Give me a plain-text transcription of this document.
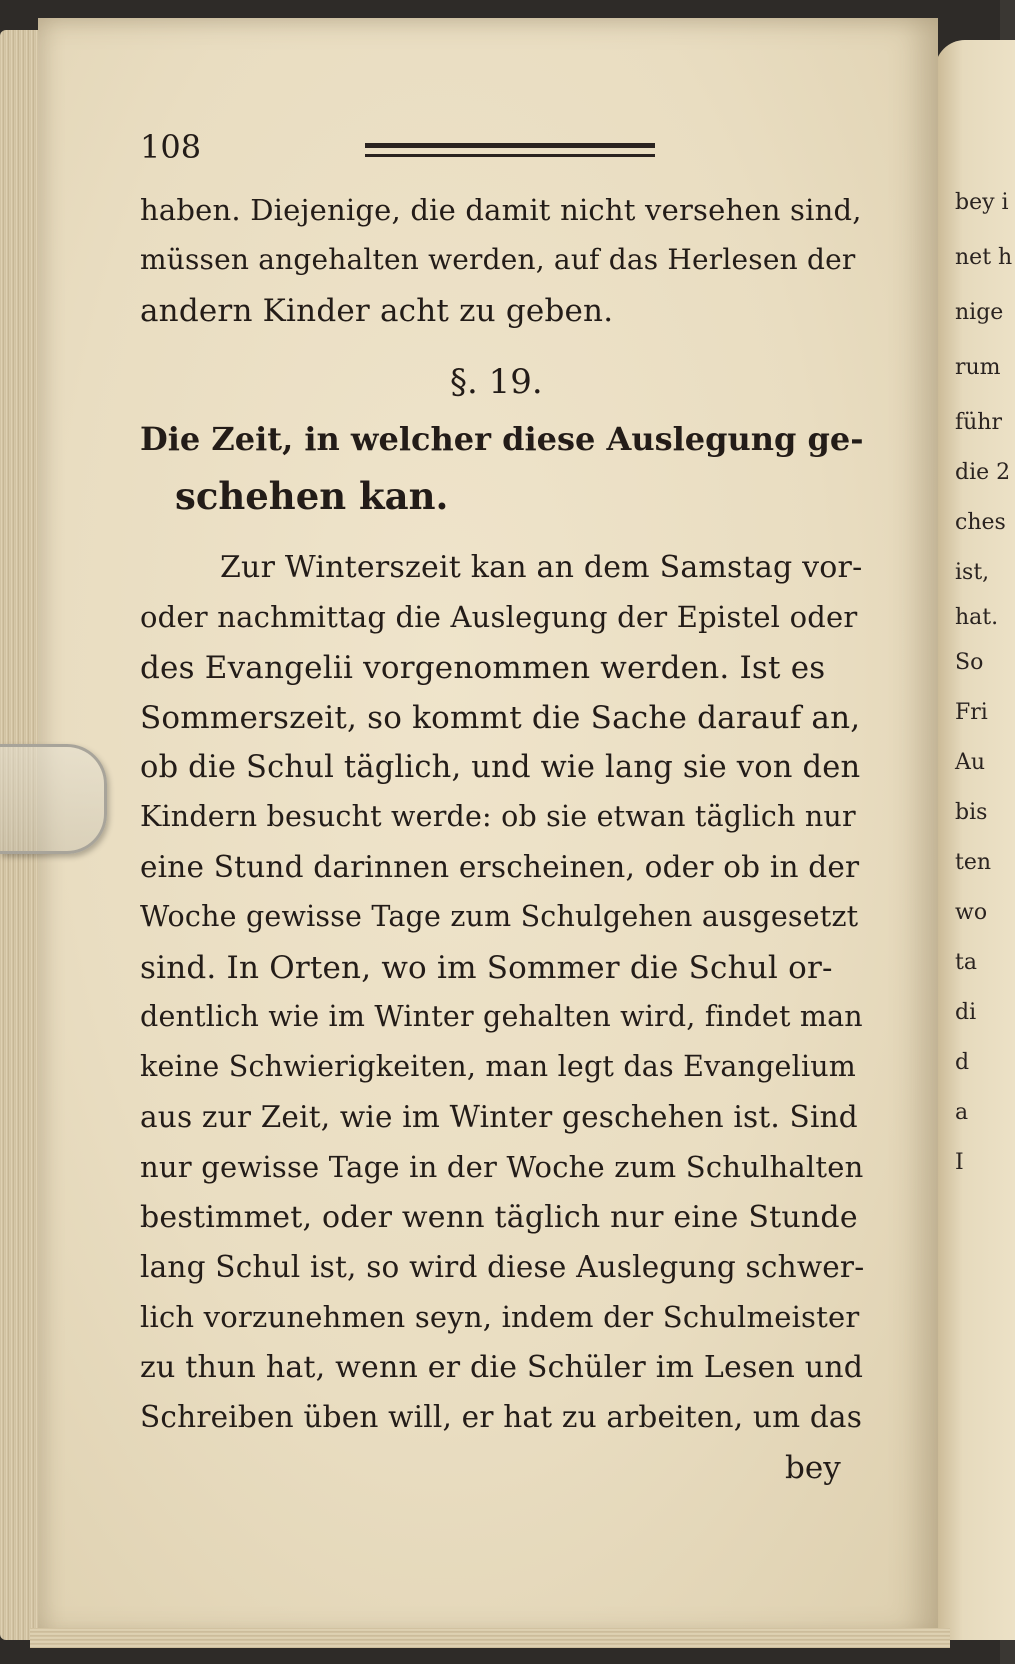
bey i
net h
nige
rum
führ
die 2
ches
ist,
hat.
So
Fri
Au
bis
ten
wo
ta
di
d
a
I
108
haben. Diejenige, die damit nicht versehen sind,
müssen angehalten werden, auf das Herlesen der
andern Kinder acht zu geben.
§. 19.
Die Zeit, in welcher diese Auslegung ge-
schehen kan.
Zur Winterszeit kan an dem Samstag vor-
oder nachmittag die Auslegung der Epistel oder
des Evangelii vorgenommen werden. Ist es
Sommerszeit, so kommt die Sache darauf an,
ob die Schul täglich, und wie lang sie von den
Kindern besucht werde: ob sie etwan täglich nur
eine Stund darinnen erscheinen, oder ob in der
Woche gewisse Tage zum Schulgehen ausgesetzt
sind. In Orten, wo im Sommer die Schul or-
dentlich wie im Winter gehalten wird, findet man
keine Schwierigkeiten, man legt das Evangelium
aus zur Zeit, wie im Winter geschehen ist. Sind
nur gewisse Tage in der Woche zum Schulhalten
bestimmet, oder wenn täglich nur eine Stunde
lang Schul ist, so wird diese Auslegung schwer-
lich vorzunehmen seyn, indem der Schulmeister
zu thun hat, wenn er die Schüler im Lesen und
Schreiben üben will, er hat zu arbeiten, um das
bey
